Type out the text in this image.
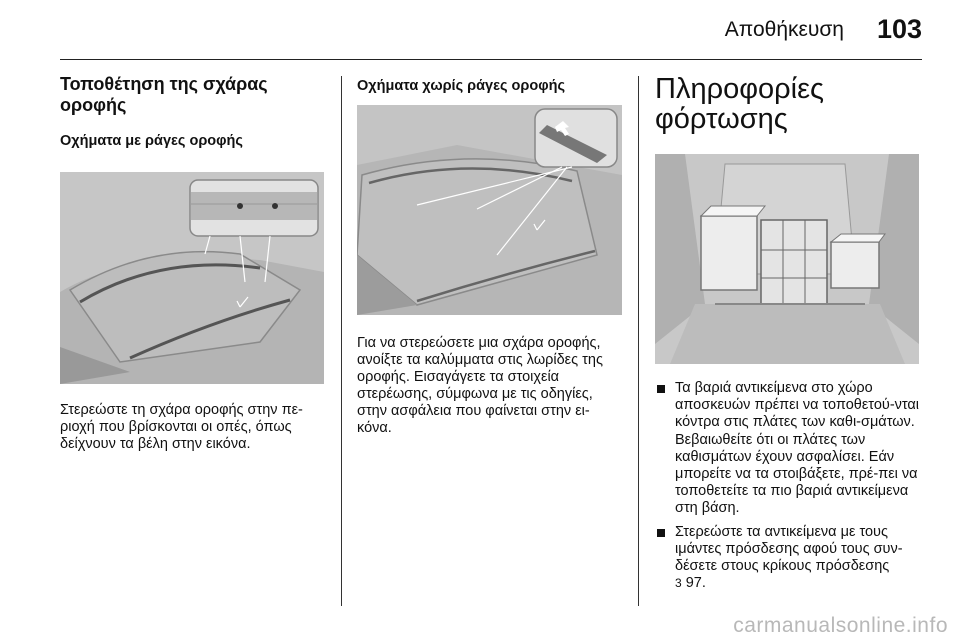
Αποθήκευση 103
Τοποθέτηση της σχάρας οροφής
Οχήματα με ράγες οροφής

Στερεώστε τη σχάρα οροφής στην πε‐ριοχή που βρίσκονται οι οπές, όπως δείχνουν τα βέλη στην εικόνα.

Οχήματα χωρίς ράγες οροφής

Για να στερεώσετε μια σχάρα οροφής, ανοίξτε τα καλύμματα στις λωρίδες της οροφής. Εισαγάγετε τα στοιχεία στερέωσης, σύμφωνα με τις οδηγίες, στην ασφάλεια που φαίνεται στην ει‐κόνα.

Πληροφορίες φόρτωσης
Τα βαριά αντικείμενα στο χώρο αποσκευών πρέπει να τοποθετού‐νται κόντρα στις πλάτες των καθι‐σμάτων. Βεβαιωθείτε ότι οι πλάτες των καθισμάτων έχουν ασφαλίσει. Εάν μπορείτε να τα στοιβάξετε, πρέ‐πει να τοποθετείτε τα πιο βαριά αντικείμενα στη βάση.
Στερεώστε τα αντικείμενα με τους ιμάντες πρόσδεσης αφού τους συν‐δέσετε στους κρίκους πρόσδεσης
3 97.
carmanualsonline.info
